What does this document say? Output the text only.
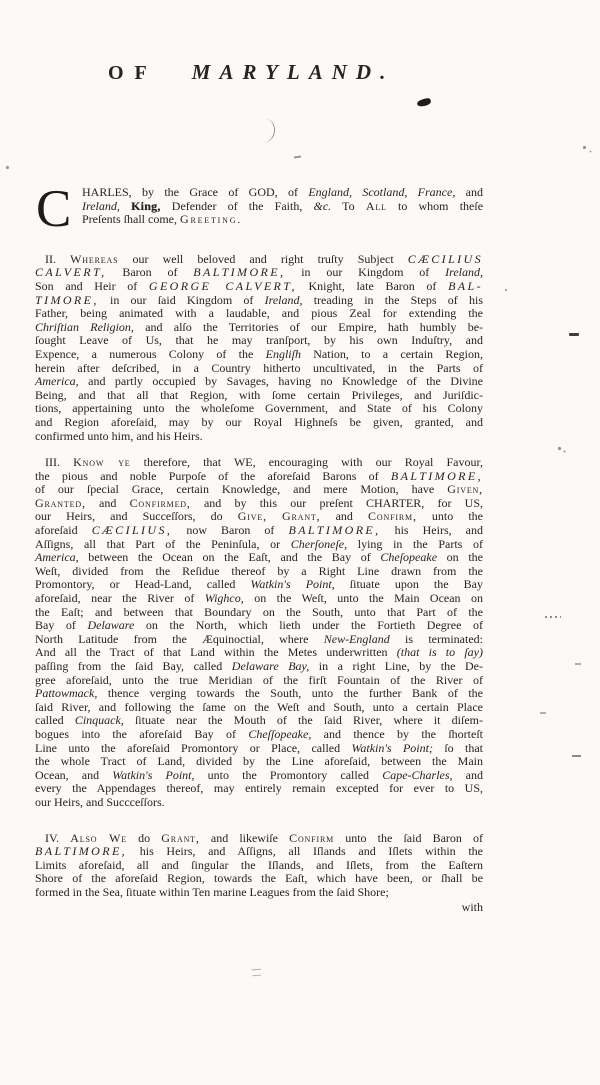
OF MARYLAND.
C HARLES, by the Grace of GOD, of England, Scotland, France, and
Ireland, King, Defender of the Faith, &c. To All to whom theſe
Preſents ſhall come, Greeting.
II. Whereas our well beloved and right truſty Subject CÆCILIUS
CALVERT, Baron of BALTIMORE, in our Kingdom of Ireland,
Son and Heir of GEORGE CALVERT, Knight, late Baron of BAL-
TIMORE, in our ſaid Kingdom of Ireland, treading in the Steps of his
Father, being animated with a laudable, and pious Zeal for extending the
Chriſtian Religion, and alſo the Territories of our Empire, hath humbly be-
ſought Leave of Us, that he may tranſport, by his own Induſtry, and
Expence, a numerous Colony of the Engliſh Nation, to a certain Region,
herein after deſcribed, in a Country hitherto uncultivated, in the Parts of
America, and partly occupied by Savages, having no Knowledge of the Divine
Being, and that all that Region, with ſome certain Privileges, and Juriſdic-
tions, appertaining unto the wholeſome Government, and State of his Colony
and Region aforeſaid, may by our Royal Highneſs be given, granted, and
confirmed unto him, and his Heirs.
III. Know ye therefore, that WE, encouraging with our Royal Favour,
the pious and noble Purpoſe of the aforeſaid Barons of BALTIMORE,
of our ſpecial Grace, certain Knowledge, and mere Motion, have Given,
Granted, and Confirmed, and by this our preſent CHARTER, for US,
our Heirs, and Succeſſors, do Give, Grant, and Confirm, unto the
aforeſaid CÆCILIUS, now Baron of BALTIMORE, his Heirs, and
Aſſigns, all that Part of the Peninſula, or Cherſoneſe, lying in the Parts of
America, between the Ocean on the Eaſt, and the Bay of Cheſopeake on the
Weſt, divided from the Reſidue thereof by a Right Line drawn from the
Promontory, or Head-Land, called Watkin's Point, ſituate upon the Bay
aforeſaid, near the River of Wighco, on the Weſt, unto the Main Ocean on
the Eaſt; and between that Boundary on the South, unto that Part of the
Bay of Delaware on the North, which lieth under the Fortieth Degree of
North Latitude from the Æquinoctial, where New-England is terminated:
And all the Tract of that Land within the Metes underwritten (that is to ſay)
paſſing from the ſaid Bay, called Delaware Bay, in a right Line, by the De-
gree aforeſaid, unto the true Meridian of the firſt Fountain of the River of
Pattowmack, thence verging towards the South, unto the further Bank of the
ſaid River, and following the ſame on the Weſt and South, unto a certain Place
called Cinquack, ſituate near the Mouth of the ſaid River, where it diſem-
bogues into the aforeſaid Bay of Cheſſopeake, and thence by the ſhorteſt
Line unto the aforeſaid Promontory or Place, called Watkin's Point; ſo that
the whole Tract of Land, divided by the Line aforeſaid, between the Main
Ocean, and Watkin's Point, unto the Promontory called Cape-Charles, and
every the Appendages thereof, may entirely remain excepted for ever to US,
our Heirs, and Succceſſors.
IV. Also We do Grant, and likewiſe Confirm unto the ſaid Baron of
BALTIMORE, his Heirs, and Aſſigns, all Iſlands and Iſlets within the
Limits aforeſaid, all and ſingular the Iſlands, and Iſlets, from the Eaſtern
Shore of the aforeſaid Region, towards the Eaſt, which have been, or ſhall be
formed in the Sea, ſituate within Ten marine Leagues from the ſaid Shore;
with
